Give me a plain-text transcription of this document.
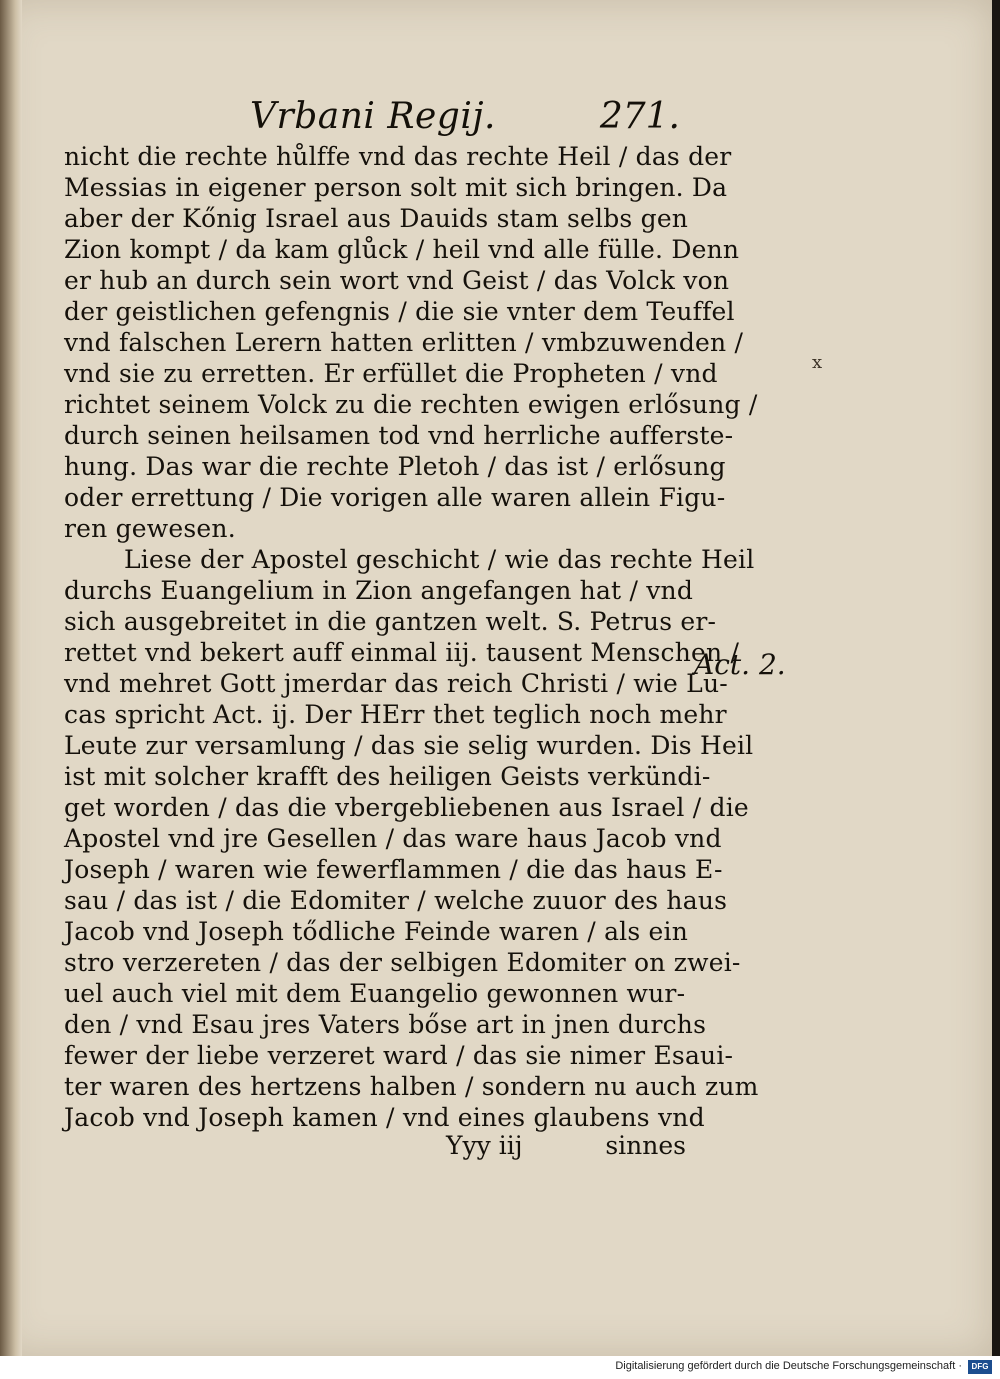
Vrbani Regij.	271.
nicht die rechte hůlffe vnd das rechte Heil / das der
Messias in eigener person solt mit sich bringen. Da
aber der Kőnig Israel aus Dauids stam selbs gen
Zion kompt / da kam glůck / heil vnd alle fülle. Denn
er hub an durch sein wort vnd Geist / das Volck von
der geistlichen gefengnis / die sie vnter dem Teuffel
vnd falschen Lerern hatten erlitten / vmbzuwenden /
vnd sie zu erretten. Er erfüllet die Propheten / vnd
richtet seinem Volck zu die rechten ewigen erlősung /
durch seinen heilsamen tod vnd herrliche aufferste-
hung. Das war die rechte Pletoh / das ist / erlősung
oder errettung / Die vorigen alle waren allein Figu-
ren gewesen.
Liese der Apostel geschicht / wie das rechte Heil
durchs Euangelium in Zion angefangen hat / vnd
sich ausgebreitet in die gantzen welt. S. Petrus er-
rettet vnd bekert auff einmal iij. tausent Menschen /
vnd mehret Gott jmerdar das reich Christi / wie Lu-
cas spricht Act. ij. Der HErr thet teglich noch mehr
Leute zur versamlung / das sie selig wurden. Dis Heil
ist mit solcher krafft des heiligen Geists verkündi-
get worden / das die vbergebliebenen aus Israel / die
Apostel vnd jre Gesellen / das ware haus Jacob vnd
Joseph / waren wie fewerflammen / die das haus E-
sau / das ist / die Edomiter / welche zuuor des haus
Jacob vnd Joseph tődliche Feinde waren / als ein
stro verzereten / das der selbigen Edomiter on zwei-
uel auch viel mit dem Euangelio gewonnen wur-
den / vnd Esau jres Vaters bőse art in jnen durchs
fewer der liebe verzeret ward / das sie nimer Esaui-
ter waren des hertzens halben / sondern nu auch zum
Jacob vnd Joseph kamen / vnd eines glaubens vnd
x
Act. 2.
Yyy iij	sinnes
Digitalisierung gefördert durch die Deutsche Forschungsgemeinschaft ·	DFG
